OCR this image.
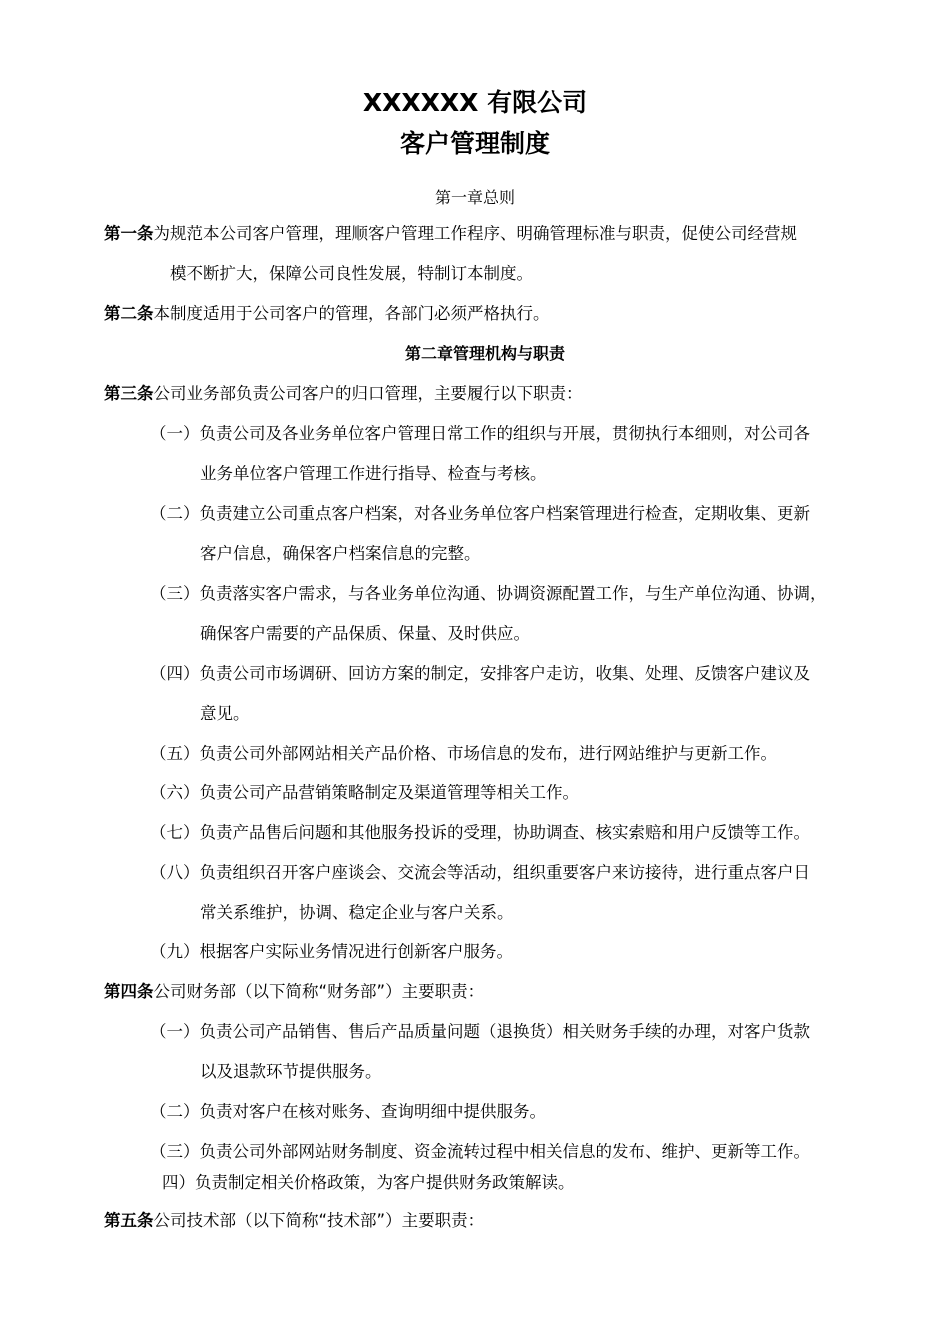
XXXXXX 有限公司
客户管理制度
第一章总则
第一条为规范本公司客户管理，理顺客户管理工作程序、明确管理标准与职责，促使公司经营规
模不断扩大，保障公司良性发展，特制订本制度。
第二条本制度适用于公司客户的管理，各部门必须严格执行。
第二章管理机构与职责
第三条公司业务部负责公司客户的归口管理，主要履行以下职责：
（一）负责公司及各业务单位客户管理日常工作的组织与开展，贯彻执行本细则，对公司各
业务单位客户管理工作进行指导、检查与考核。
（二）负责建立公司重点客户档案，对各业务单位客户档案管理进行检查，定期收集、更新
客户信息，确保客户档案信息的完整。
（三）负责落实客户需求，与各业务单位沟通、协调资源配置工作，与生产单位沟通、协调，
确保客户需要的产品保质、保量、及时供应。
（四）负责公司市场调研、回访方案的制定，安排客户走访，收集、处理、反馈客户建议及
意见。
（五）负责公司外部网站相关产品价格、市场信息的发布，进行网站维护与更新工作。
（六）负责公司产品营销策略制定及渠道管理等相关工作。
（七）负责产品售后问题和其他服务投诉的受理，协助调查、核实索赔和用户反馈等工作。
（八）负责组织召开客户座谈会、交流会等活动，组织重要客户来访接待，进行重点客户日
常关系维护，协调、稳定企业与客户关系。
（九）根据客户实际业务情况进行创新客户服务。
第四条公司财务部（以下简称“财务部”）主要职责：
（一）负责公司产品销售、售后产品质量问题（退换货）相关财务手续的办理，对客户货款
以及退款环节提供服务。
（二）负责对客户在核对账务、查询明细中提供服务。
（三）负责公司外部网站财务制度、资金流转过程中相关信息的发布、维护、更新等工作。
四）负责制定相关价格政策，为客户提供财务政策解读。
第五条公司技术部（以下简称“技术部”）主要职责：
